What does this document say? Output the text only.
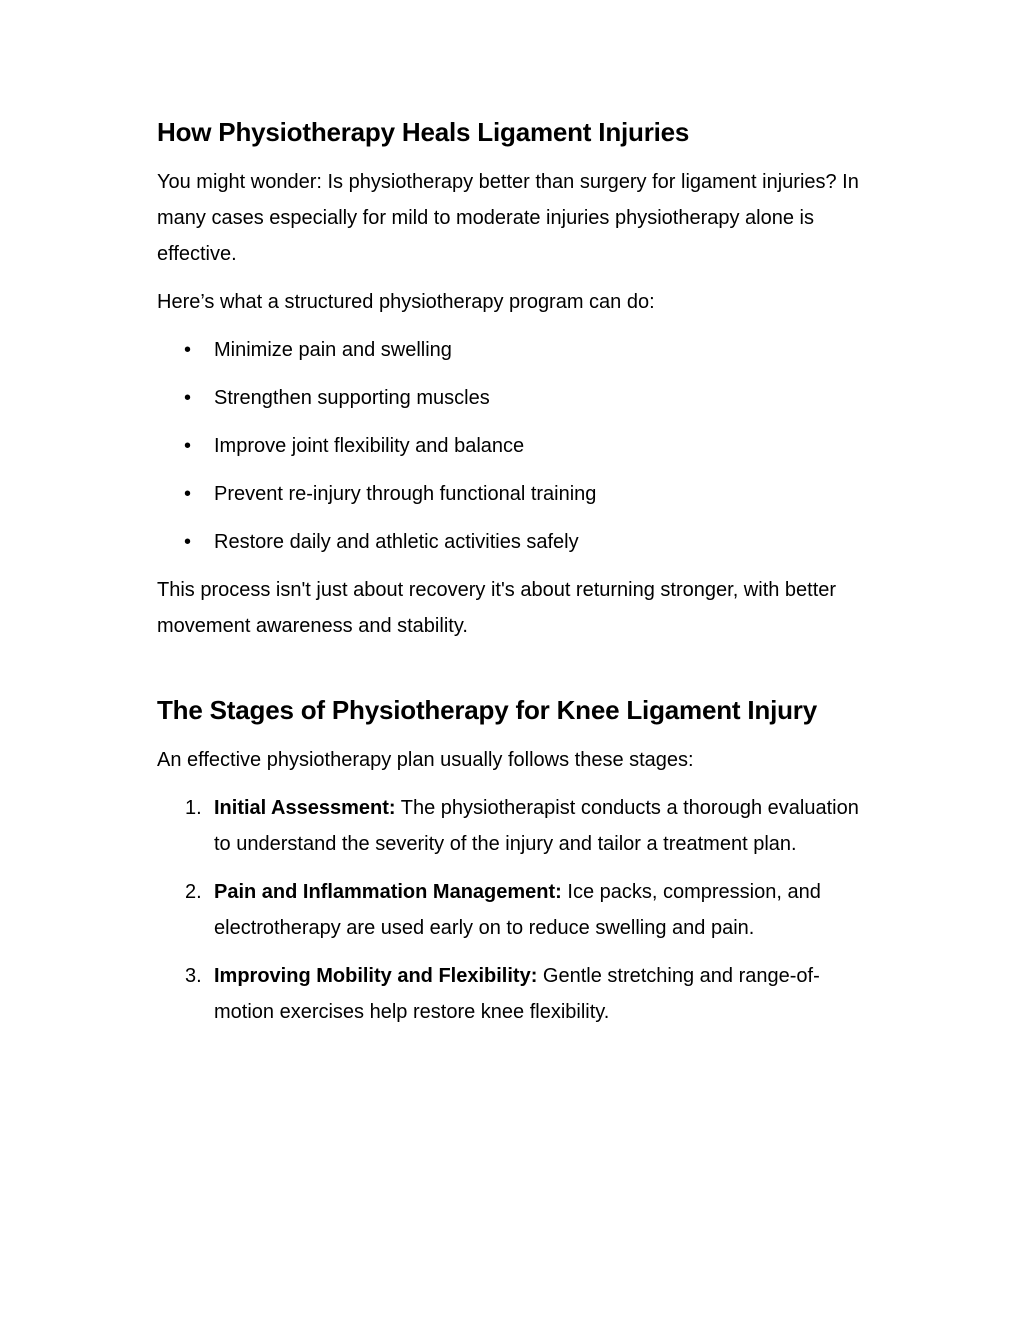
How Physiotherapy Heals Ligament Injuries

You might wonder: Is physiotherapy better than surgery for ligament injuries? In many cases especially for mild to moderate injuries physiotherapy alone is effective.

Here’s what a structured physiotherapy program can do:

• Minimize pain and swelling
• Strengthen supporting muscles
• Improve joint flexibility and balance
• Prevent re-injury through functional training
• Restore daily and athletic activities safely

This process isn't just about recovery it's about returning stronger, with better movement awareness and stability.

The Stages of Physiotherapy for Knee Ligament Injury

An effective physiotherapy plan usually follows these stages:

1. Initial Assessment: The physiotherapist conducts a thorough evaluation to understand the severity of the injury and tailor a treatment plan.
2. Pain and Inflammation Management: Ice packs, compression, and electrotherapy are used early on to reduce swelling and pain.
3. Improving Mobility and Flexibility: Gentle stretching and range-of-motion exercises help restore knee flexibility.
